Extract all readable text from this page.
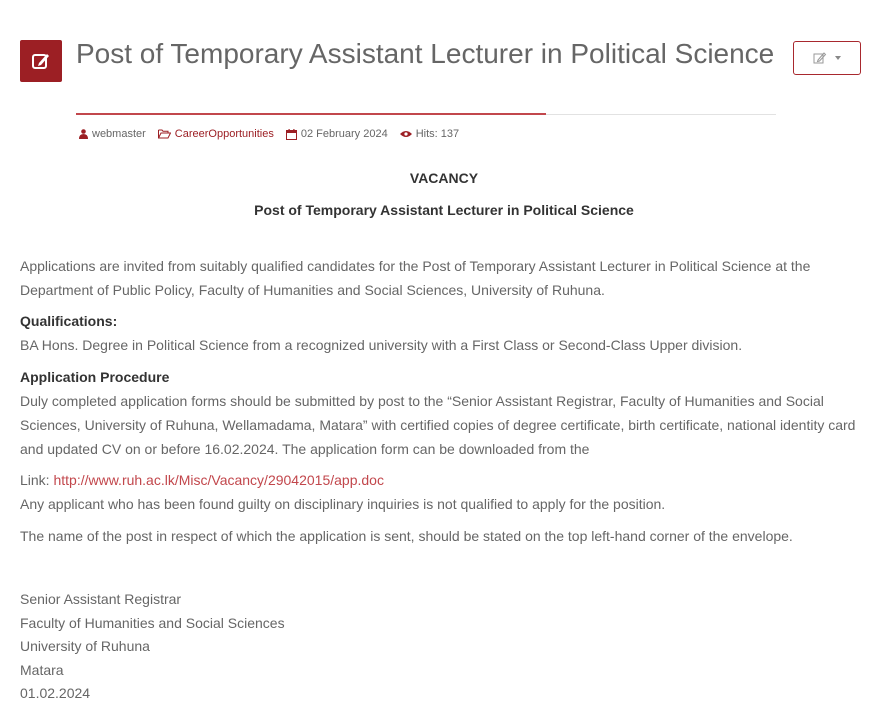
Post of Temporary Assistant Lecturer in Political Science
webmaster	CareerOpportunities 02 February 2024	Hits: 137
VACANCY
Post of Temporary Assistant Lecturer in Political Science

Applications are invited from suitably qualified candidates for the Post of Temporary Assistant Lecturer in Political Science at the Department of Public Policy, Faculty of Humanities and Social Sciences, University of Ruhuna.

Qualifications:

BA Hons. Degree in Political Science from a recognized university with a First Class or Second-Class Upper division.

Application Procedure

Duly completed application forms should be submitted by post to the “Senior Assistant Registrar, Faculty of Humanities and Social Sciences, University of Ruhuna, Wellamadama, Matara” with certified copies of degree certificate, birth certificate, national identity card and updated CV on or before 16.02.2024. The application form can be downloaded from the

Link: http://www.ruh.ac.lk/Misc/Vacancy/29042015/app.doc

Any applicant who has been found guilty on disciplinary inquiries is not qualified to apply for the position.

The name of the post in respect of which the application is sent, should be stated on the top left-hand corner of the envelope.

Senior Assistant Registrar
Faculty of Humanities and Social Sciences
University of Ruhuna
Matara
01.02.2024
